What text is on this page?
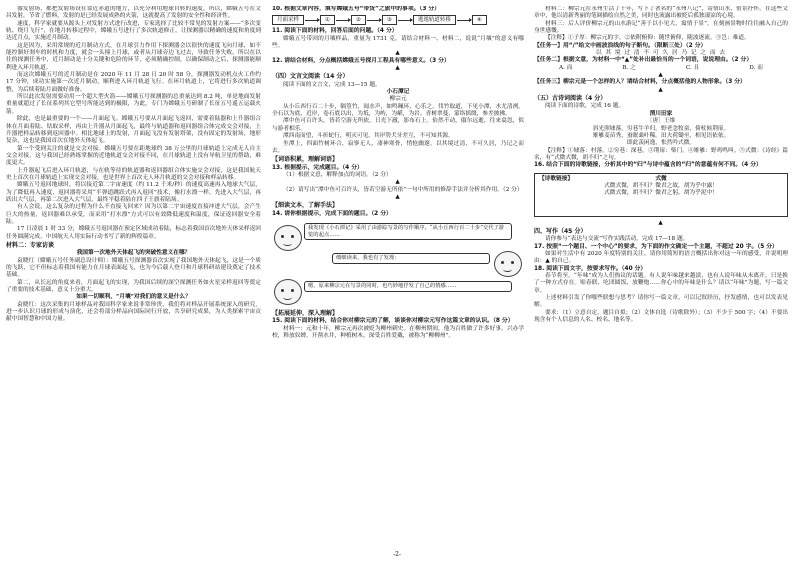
器发射场，都把发射场设在靠近赤道的地方，以充分利用地球自转的速度。所以，嫦娥五号在文昌发射，节省了燃料，发射的是已经发展成熟的火箭，这就提高了发射的安全性和经济性。

速度，科学家就要从源头上对发射方式进行改进，专家选择了比较不常见的发射方案——“多次变轨、绕月飞行”，在地月转移过程中，嫦娥五号进行了多次轨道修正，让探测器以精确的速度和角度到达近月点，实施近月制动。

这是因为，采用常规的近月制动方式，在月球引力作用下探测器会以很快的速度飞向月球，如不能控制好刹车的时机和力度，就会一头撞上月球，或者从月球旁边飞过去，导致任务失败。所以在以往的探测任务中，近月制动是十分关键和危险的环节，必须精确控制，以确保制动之后，探测器能顺利进入环月轨道。

而这次嫦娥五号的近月制动是在 2020 年 11 月 28 日 20 时 58 分，探测器发动机点火工作约 17 分钟，成功实施第一次近月制动，顺利进入环月轨道飞行。在环月轨道上，它将进行多次轨道调整，为后续着陆月面做好准备。

所以此次发射需要动用一个超大型火箭——嫦娥五号探测器的总重量达到 8.2 吨，单是地面发射重量就超过了长征系列其它型号所能达到的极限，为此，专门为嫦娥五号研制了长征五号遥五运载火箭。

除此，也是最重要的一个——月面起飞。嫦娥五号要从月面起飞返回，需要着陆器和上升器组合体在月面着陆、钻取采样，再由上升器从月面起飞，最终与轨道器和返回器组合体完成交会对接，上升器把样品转移到返回器中。相比地球上的发射，月面起飞没有发射塔架，没有固定的发射场，地形复杂，这也是我国首次在地外天体起飞。

第一个受到关注的就是交会对接。嫦娥五号要在距地球约 38 万公里的月球轨道上完成无人自主交会对接，这与我国已经熟练掌握的近地轨道交会对接不同，在月球轨道上没有导航卫星的帮助，难度更大。

上升器起飞后进入环月轨道，与在轨等待的轨道器和返回器组合体实施交会对接，这是我国航天史上首次在月球轨道上实现交会对接，也是世界上首次无人环月轨道的交会对接和样品转移。

嫦娥五号返回地球时，将以接近第二宇宙速度（约 11.2 千米/秒）的速度高速再入地球大气层，为了降低再入速度，返回器将采用“半弹道跳跃式再入返回”技术，像打水漂一样，先进入大气层，再跃出大气层，再第二次进入大气层，最终平稳着陆在四子王旗着陆场。

有人会说，这么复杂的过程为什么不直接飞回来？因为以第二宇宙速度直接冲进大气层，会产生巨大的热量，返回器难以承受，而采用“打水漂”方式可以有效降低速度和温度，保证返回器安全着陆。

17 日凌晨 1 时 33 分，嫦娥五号返回器在预定区域成功着陆，标志着我国首次地外天体采样返回任务圆满完成。中国航天人用实际行动书写了新的辉煌篇章。

材料二：专家访谈
我国第一次地外天体起飞的突破性意义在哪？

袁晓红（嫦娥五号任务副总设计师）：嫦娥五号探测器首次实现了我国地外天体起飞，这是一个质的飞跃，它不但标志着我国有能力在月球表面起飞，也为今后载人登月和月球科研站建设奠定了技术基础。

第二，从长远的角度来看，月面起飞的实现，为我国后续的深空探测任务如火星采样返回等奠定了重要的技术基础，意义十分重大。

如果一切顺利，“月壤”对我们的意义是什么？

袁晓红：这次采集的月球样品对我国科学家来说非常珍贵，我们将对样品开展系统深入的研究，进一步认识月球的形成与演化，还会将部分样品向国际同行开放，共享研究成果，为人类探索宇宙贡献中国智慧和中国力量。

10. 根据文章内容，填写嫦娥五号“带货”之旅中的事项。（3 分）
月面采样	①	②	③	逃逸轨道转移	④
11. 阅读下面的材料，回答后面的问题。（4 分）

嫦娥五号带回的月壤样品，重量为 1731 克。请结合材料一、材料二，说说“月壤”的意义有哪些。

▲
12. 请结合材料，分点概括嫦娥五号探月工程具有哪些意义。（3 分）
▲
（四）文言文阅读（14 分）

阅读下面的文言文，完成 13—15 题。

小石潭记
柳宗元

从小丘西行百二十步，隔篁竹，闻水声，如鸣珮环，心乐之。伐竹取道，下见小潭，水尤清冽。全石以为底，近岸，卷石底以出，为坻，为屿，为嵁，为岩。青树翠蔓，蒙络摇缀，参差披拂。

潭中鱼可百许头，皆若空游无所依，日光下澈，影布石上。佁然不动，俶尔远逝，往来翕忽，似与游者相乐。

潭西南而望，斗折蛇行，明灭可见。其岸势犬牙差互，不可知其源。

坐潭上，四面竹树环合，寂寥无人，凄神寒骨，悄怆幽邃。以其境过清，不可久居，乃记之而去。

【词语积累，理解词语】
13. 根据提示，完成题目。（4 分）

（1）根据文意，解释加点的词语。（2 分）

▲

（2）请写出“潭中鱼可百许头，皆若空游无所依”一句中所用的修辞手法并分析其作用。（2 分）

▲
【细读文本，了解手法】
14. 请你根据提示，完成下面的题目。（2 分）
我发现《小石潭记》采用了由游踪写景的写作顺序，“从小丘西行百二十步”交代了游览的起点……
细细读来，我也有了发现：
嗯，原来柳宗元在写景的同时，也巧妙地抒发了自己的情感……
【拓展延伸，深入理解】
15. 阅读下面的材料，结合你对柳宗元的了解，谈谈你对柳宗元写作这篇文章的认识。（8 分）

材料一：元和十年，柳宗元再次被贬为柳州刺史。在柳州期间，他为百姓做了许多好事，兴办学校，释放奴婢，开凿水井，种植树木，深受百姓爱戴，被称为“柳柳州”。

材料二：柳宗元在永州生活了十年，写下了著名的“永州八记”，寄情山水，借景抒怀。在这些文章中，他以清新秀丽的笔调描绘自然之美，同时也流露出被贬后孤独凄凉的心境。

材料三：后人评价柳宗元的山水游记“善于以小见大，寓情于景”，在刻画景物时往往融入自己的身世感慨。

【注释】①子厚：柳宗元的字。②依附俯仰：随世俯仰，随波逐流。③岂：难道。

【任务一】用“/”给文中画波浪线的句子断句。（限断三处）（2 分）
以 其 境 过 清 不 可 久 居 乃 记 之 而 去
【任务二】根据文意，为材料一中“▲”处补出最恰当的一个词语，说说理由。（2 分）
A. 而	B. 之	C. 且	D. 而
▲
【任务三】柳宗元是一个怎样的人？请结合材料，分点概括他的人物形象。（3 分）
▲
（五）古诗词阅读（4 分）

阅读下面的诗歌，完成 16 题。

渭川田家
〔唐〕王维
斜光照墟落，穷巷牛羊归。野老念牧童，倚杖候荆扉。
雉雊麦苗秀，蚕眠桑叶稀。田夫荷锄至，相见语依依。
即此羡闲逸，怅然吟式微。

【注释】①墟落：村落。②穷巷：深巷。③荆扉：柴门。④雉雊：野鸡鸣叫。⑤式微：《诗经》篇名，有“式微式微，胡不归”之句。

16. 结合下面的诗歌链接，分析其中的“归”与诗中蕴含的“归”的意蕴有何不同。（4 分）
【诗歌链接】	式微
式微式微，胡不归？微君之故，胡为乎中露！
式微式微，胡不归？微君之躬，胡为乎泥中！
▲
四、写作（45 分）

请你参与“表达与交流”写作实践活动，完成 17—18 题。

17. 按照“一个题目、一个中心”的要求，为下面的作文确定一个主题，不超过 20 字。（5 分）

如果对生活中有 2020 年度特别的关注，请你用简短的语言概括出你对这一年的感受，并说明理由：▲ 的自己。

18. 阅读下面文字，按要求写作。（40 分）

春节将至，“年味”成为人们热议的话题。有人说年味越来越淡，也有人说年味从未离开，只是换了一种方式存在。贴春联、吃团圆饭、放鞭炮……你心中的年味是什么？请以“年味”为题，写一篇文章。

上述材料引发了你哪些联想与思考？请你写一篇文章，可以记叙经历，抒发感情，也可以发表见解。

要求：（1）立意自定，题目自拟；（2）文体自选（诗歌除外）；（3）不少于 500 字；（4）不要出现含有个人信息的人名、校名、地名等。

-2-
